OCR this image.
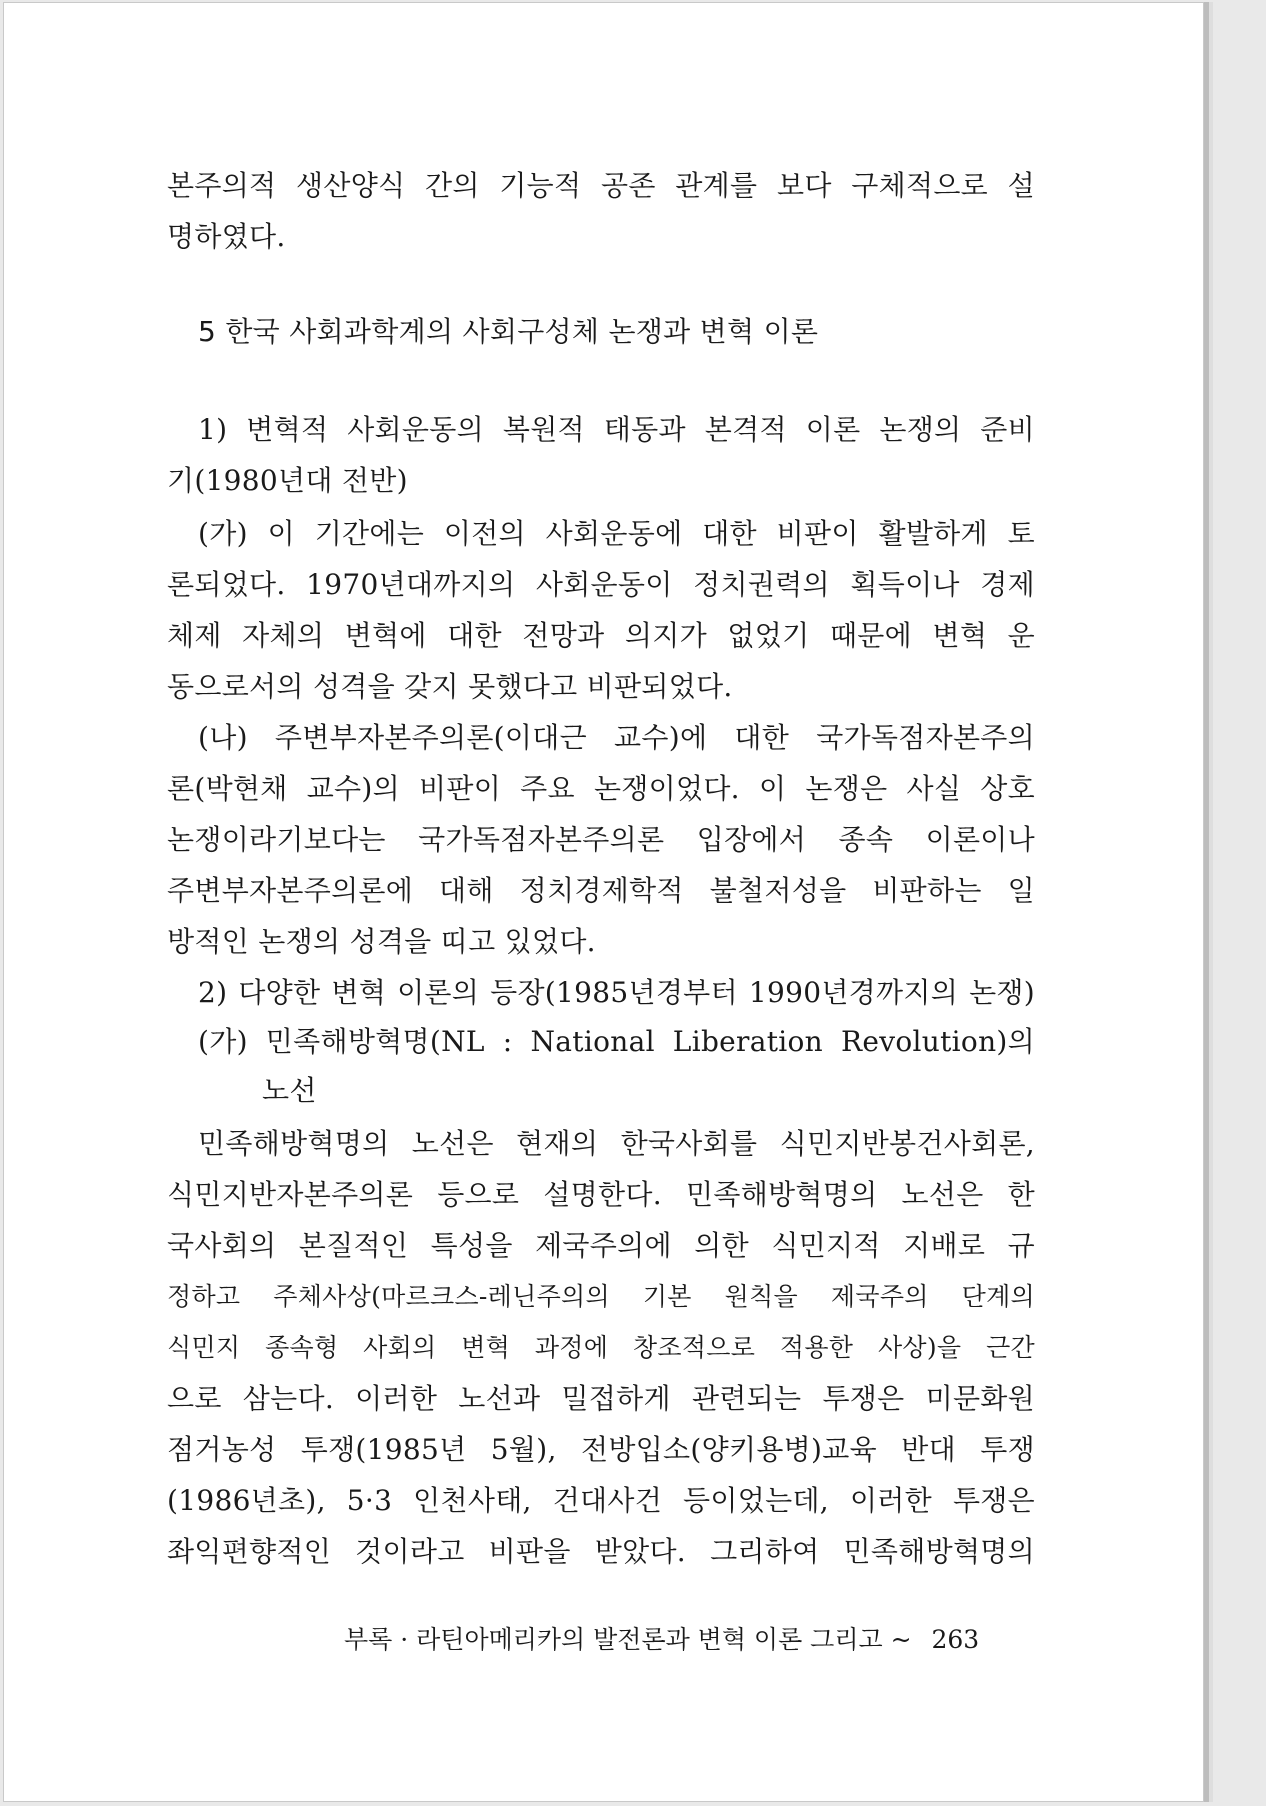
본주의적 생산양식 간의 기능적 공존 관계를 보다 구체적으로 설
명하였다.
5 한국 사회과학계의 사회구성체 논쟁과 변혁 이론
1) 변혁적 사회운동의 복원적 태동과 본격적 이론 논쟁의 준비
기(1980년대 전반)
(가) 이 기간에는 이전의 사회운동에 대한 비판이 활발하게 토
론되었다. 1970년대까지의 사회운동이 정치권력의 획득이나 경제
체제 자체의 변혁에 대한 전망과 의지가 없었기 때문에 변혁 운
동으로서의 성격을 갖지 못했다고 비판되었다.
(나) 주변부자본주의론(이대근 교수)에 대한 국가독점자본주의
론(박현채 교수)의 비판이 주요 논쟁이었다. 이 논쟁은 사실 상호
논쟁이라기보다는 국가독점자본주의론 입장에서 종속 이론이나
주변부자본주의론에 대해 정치경제학적 불철저성을 비판하는 일
방적인 논쟁의 성격을 띠고 있었다.
2) 다양한 변혁 이론의 등장(1985년경부터 1990년경까지의 논쟁)
(가) 민족해방혁명(NL : National Liberation Revolution)의
노선
민족해방혁명의 노선은 현재의 한국사회를 식민지반봉건사회론,
식민지반자본주의론 등으로 설명한다. 민족해방혁명의 노선은 한
국사회의 본질적인 특성을 제국주의에 의한 식민지적 지배로 규
정하고 주체사상(마르크스-레닌주의의 기본 원칙을 제국주의 단계의
식민지 종속형 사회의 변혁 과정에 창조적으로 적용한 사상)을 근간
으로 삼는다. 이러한 노선과 밀접하게 관련되는 투쟁은 미문화원
점거농성 투쟁(1985년 5월), 전방입소(양키용병)교육 반대 투쟁
(1986년초), 5·3 인천사태, 건대사건 등이었는데, 이러한 투쟁은
좌익편향적인 것이라고 비판을 받았다. 그리하여 민족해방혁명의
부록 · 라틴아메리카의 발전론과 변혁 이론 그리고 ~ 263
